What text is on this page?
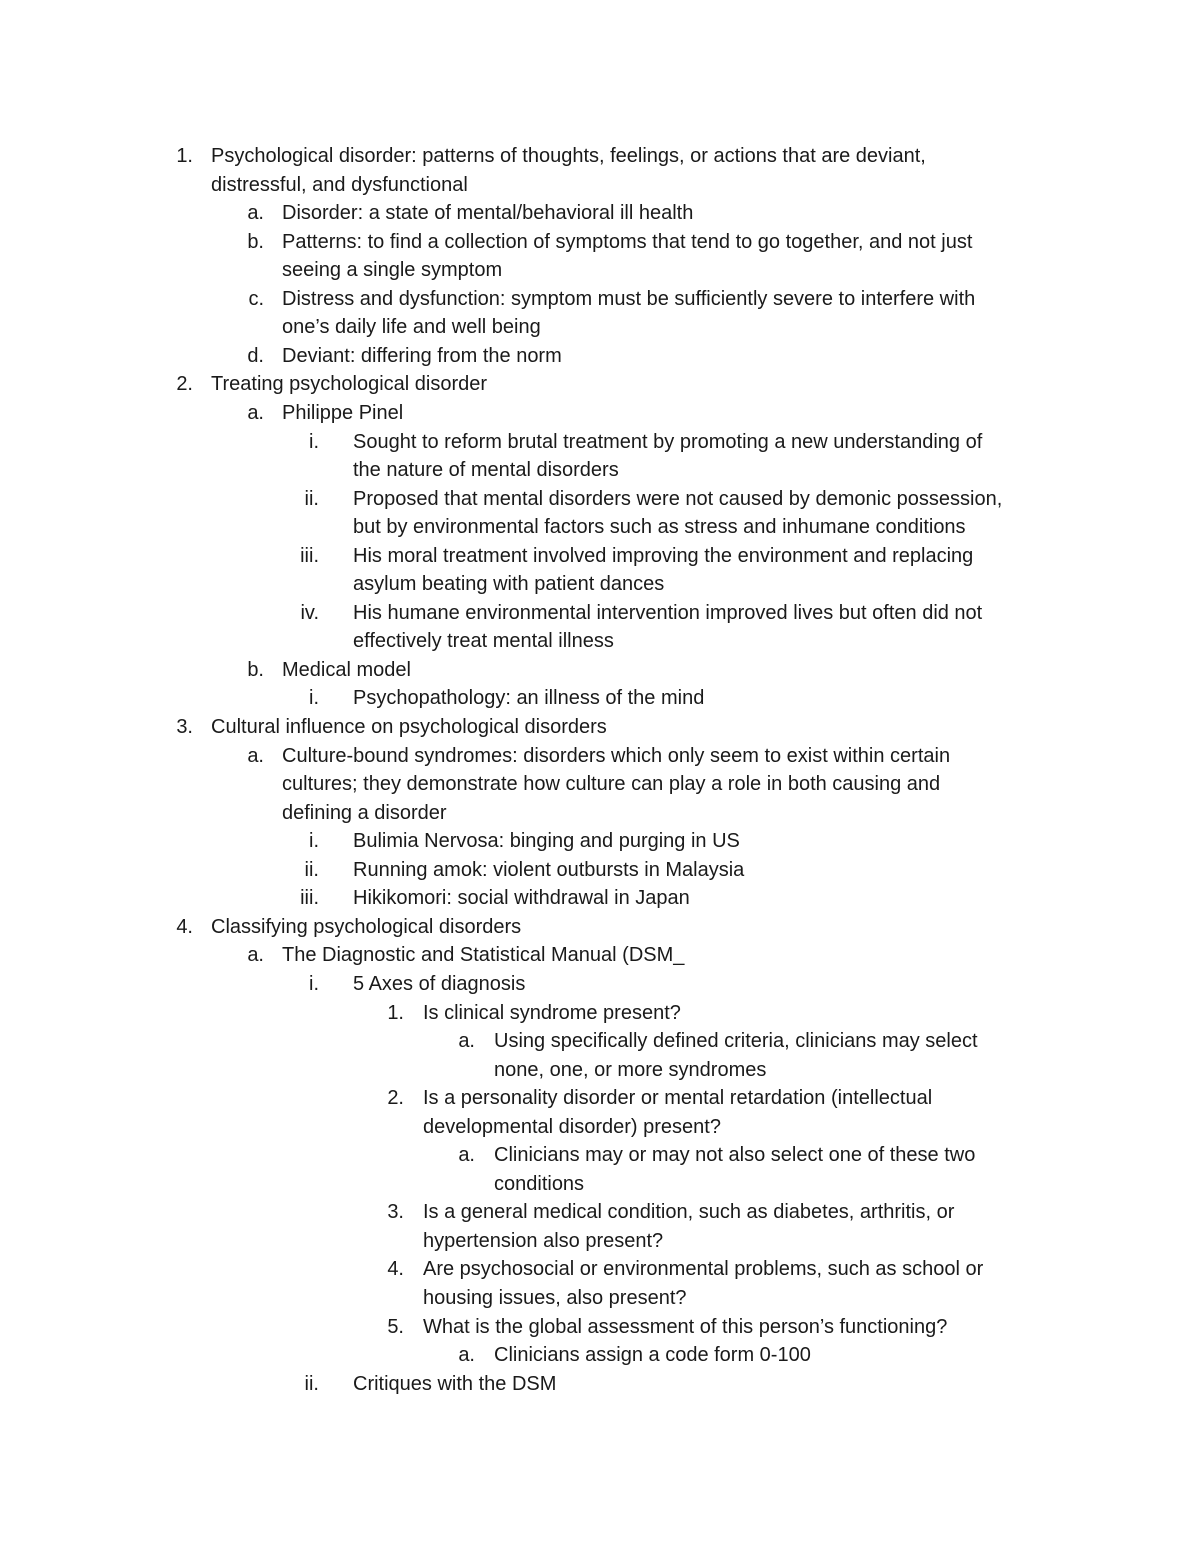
1. Psychological disorder: patterns of thoughts, feelings, or actions that are deviant,
distressful, and dysfunctional
a. Disorder: a state of mental/behavioral ill health
b. Patterns: to find a collection of symptoms that tend to go together, and not just
seeing a single symptom
c. Distress and dysfunction: symptom must be sufficiently severe to interfere with
one’s daily life and well being
d. Deviant: differing from the norm
2. Treating psychological disorder
a. Philippe Pinel
i. Sought to reform brutal treatment by promoting a new understanding of
the nature of mental disorders
ii. Proposed that mental disorders were not caused by demonic possession,
but by environmental factors such as stress and inhumane conditions
iii. His moral treatment involved improving the environment and replacing
asylum beating with patient dances
iv. His humane environmental intervention improved lives but often did not
effectively treat mental illness
b. Medical model
i. Psychopathology: an illness of the mind
3. Cultural influence on psychological disorders
a. Culture-bound syndromes: disorders which only seem to exist within certain
cultures; they demonstrate how culture can play a role in both causing and
defining a disorder
i. Bulimia Nervosa: binging and purging in US
ii. Running amok: violent outbursts in Malaysia
iii. Hikikomori: social withdrawal in Japan
4. Classifying psychological disorders
a. The Diagnostic and Statistical Manual (DSM_
i. 5 Axes of diagnosis
1. Is clinical syndrome present?
a. Using specifically defined criteria, clinicians may select
none, one, or more syndromes
2. Is a personality disorder or mental retardation (intellectual
developmental disorder) present?
a. Clinicians may or may not also select one of these two
conditions
3. Is a general medical condition, such as diabetes, arthritis, or
hypertension also present?
4. Are psychosocial or environmental problems, such as school or
housing issues, also present?
5. What is the global assessment of this person’s functioning?
a. Clinicians assign a code form 0-100
ii. Critiques with the DSM
